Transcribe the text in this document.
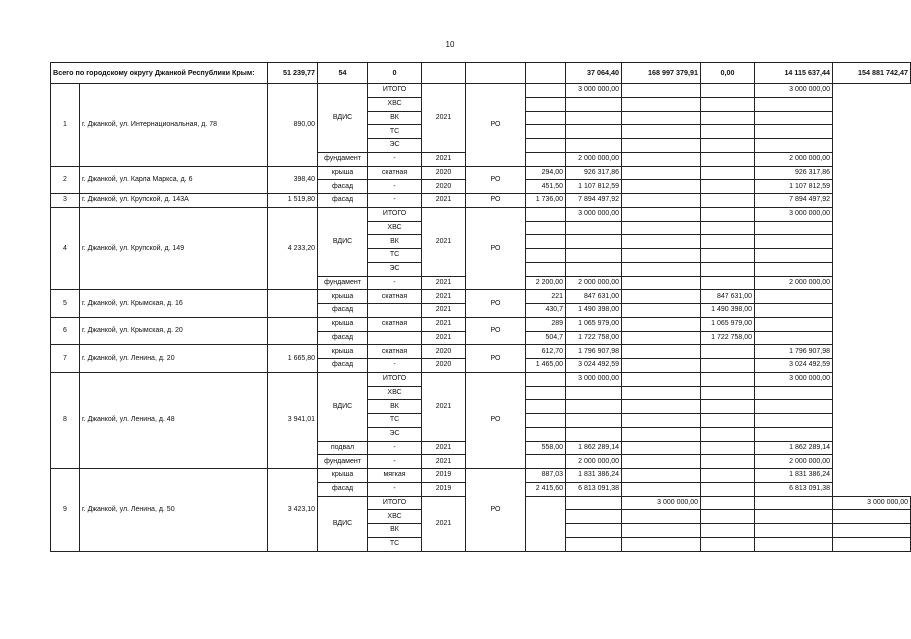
10
Всего по городскому округу Джанкой Республики Крым:		51 239,77	54	0				37 064,40	168 997 379,91	0,00	14 115 637,44	154 881 742,47
1	г. Джанкой, ул. Интернациональная, д. 78	890,00	ВДИС	ИТОГО	2021	РО		3 000 000,00			3 000 000,00	
				ХВС								
				ВК								
				ТС								
				ЭС								
			фундамент	-	2021			2 000 000,00			2 000 000,00	
2	г. Джанкой, ул. Карла Маркса, д. 6	398,40	крыша	скатная	2020	РО	294,00	926 317,86			926 317,86	
			фасад	-	2020		451,50	1 107 812,59			1 107 812,59	
3	г. Джанкой, ул. Крупской, д. 143А	1 519,80	фасад	-	2021	РО	1 736,00	7 894 497,92			7 894 497,92	
4	г. Джанкой, ул. Крупской, д. 149	4 233,20	ВДИС	ИТОГО	2021	РО		3 000 000,00			3 000 000,00	
				ХВС								
				ВК								
				ТС								
				ЭС								
			фундамент	-	2021		2 200,00	2 000 000,00			2 000 000,00	
5	г. Джанкой, ул. Крымская, д. 16		крыша	скатная	2021	РО	221	847 631,00		847 631,00		
			фасад		2021		430,7	1 490 398,00		1 490 398,00		
6	г. Джанкой, ул. Крымская, д. 20		крыша	скатная	2021	РО	289	1 065 979,00		1 065 979,00		
			фасад		2021		504,7	1 722 758,00		1 722 758,00		
7	г. Джанкой, ул. Ленина, д. 20	1 665,80	крыша	скатная	2020	РО	612,70	1 796 907,98			1 796 907,98	
			фасад	-	2020		1 465,00	3 024 492,59			3 024 492,59	
8	г. Джанкой, ул. Ленина, д. 48	3 941,01	ВДИС	ИТОГО	2021	РО		3 000 000,00			3 000 000,00	
				ХВС								
				ВК								
				ТС								
				ЭС								
			подвал	-	2021		558,00	1 862 289,14			1 862 289,14	
			фундамент	-	2021			2 000 000,00			2 000 000,00	
9	г. Джанкой, ул. Ленина, д. 50	3 423,10	крыша	мягкая	2019	РО	887,03	1 831 386,24			1 831 386,24	
			фасад	-	2019		2 415,60	6 813 091,38			6 813 091,38	
			ВДИС	ИТОГО	2021				3 000 000,00			3 000 000,00
				ХВС								
				ВК								
				ТС								
